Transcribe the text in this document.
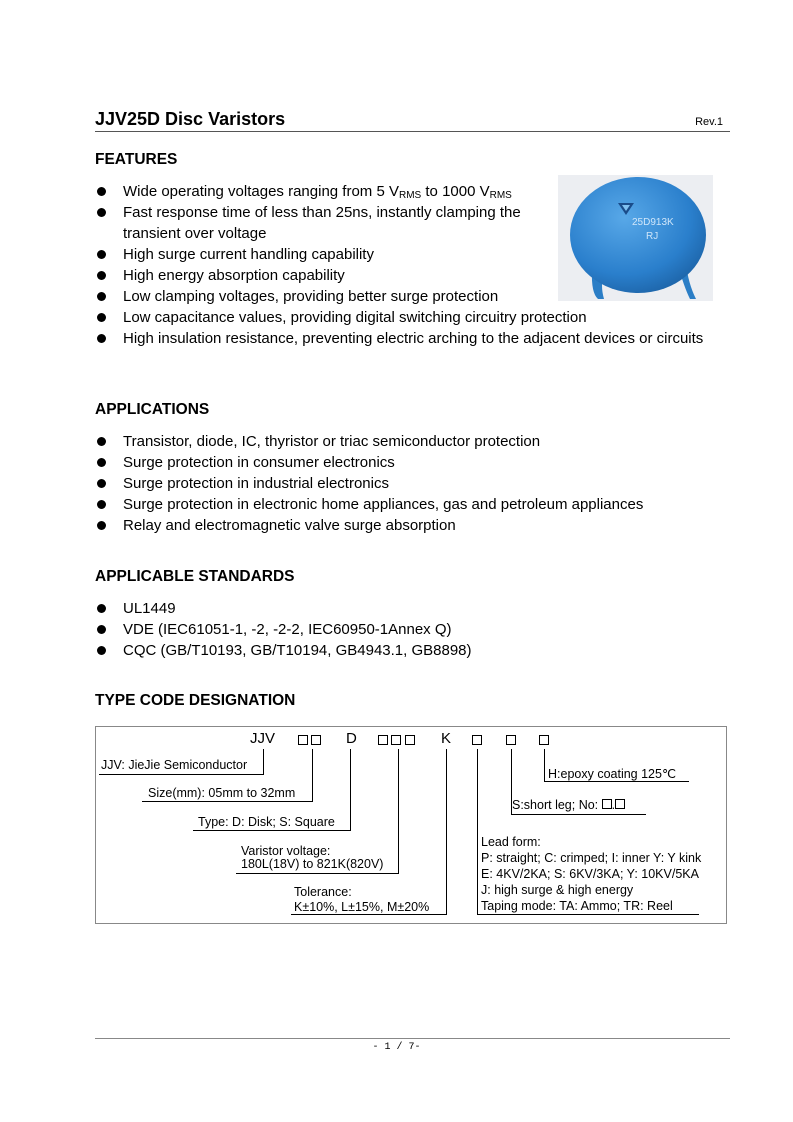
JJV25D Disc Varistors	Rev.1
FEATURES
Wide operating voltages ranging from 5 $V_{RMS}$ to 1000 $V_{RMS}$
Fast response time of less than 25ns, instantly clamping the transient over voltage
High surge current handling capability
High energy absorption capability
Low clamping voltages, providing better surge protection
Low capacitance values, providing digital switching circuitry protection
High insulation resistance, preventing electric arching to the adjacent devices or circuits
25D913K
RJ
APPLICATIONS
Transistor, diode, IC, thyristor or triac semiconductor protection
Surge protection in consumer electronics
Surge protection in industrial electronics
Surge protection in electronic home appliances, gas and petroleum appliances
Relay and electromagnetic valve surge absorption
APPLICABLE STANDARDS
UL1449
VDE (IEC61051-1, -2, -2-2, IEC60950-1Annex Q)
CQC (GB/T10193, GB/T10194, GB4943.1, GB8898)
TYPE CODE DESIGNATION
JJV
	D
	K
JJV: JieJie Semiconductor
Size(mm): 05mm to 32mm
Type: D: Disk; S: Square
Varistor voltage:
180L(18V) to 821K(820V)
Tolerance:
K±10%, L±15%, M±20%
Lead form:
P: straight; C: crimped; I: inner Y: Y kink
E: 4KV/2KA; S: 6KV/3KA; Y: 10KV/5KA
J: high surge & high energy
Taping mode: TA: Ammo; TR: Reel
S:short leg; No: .
H:epoxy coating 125℃
- 1 / 7-
